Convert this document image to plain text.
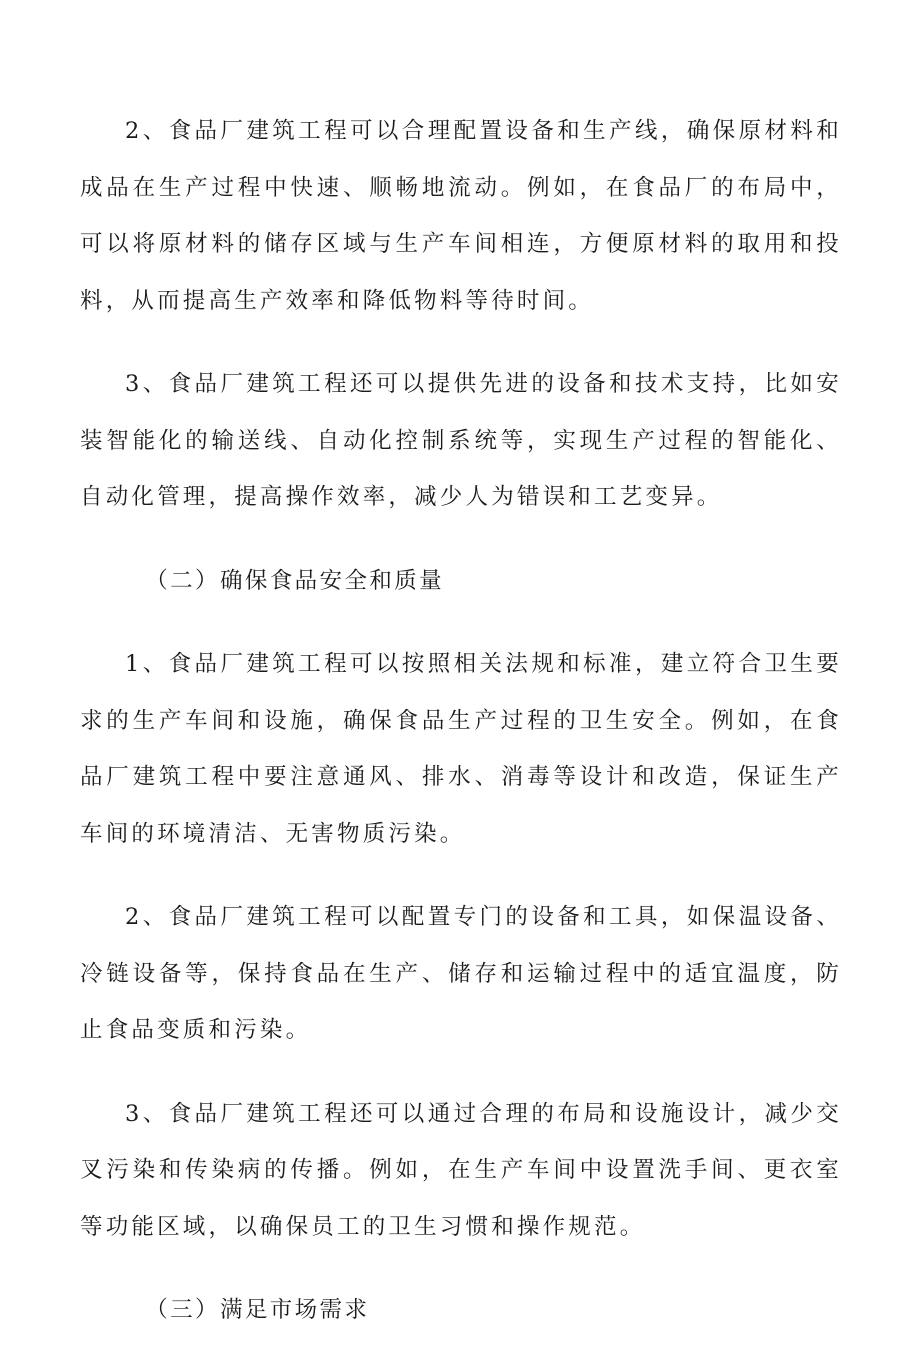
2、食品厂建筑工程可以合理配置设备和生产线，确保原材料和成品在生产过程中快速、顺畅地流动。例如，在食品厂的布局中，可以将原材料的储存区域与生产车间相连，方便原材料的取用和投料，从而提高生产效率和降低物料等待时间。

3、食品厂建筑工程还可以提供先进的设备和技术支持，比如安装智能化的输送线、自动化控制系统等，实现生产过程的智能化、自动化管理，提高操作效率，减少人为错误和工艺变异。

（二）确保食品安全和质量

1、食品厂建筑工程可以按照相关法规和标准，建立符合卫生要求的生产车间和设施，确保食品生产过程的卫生安全。例如，在食品厂建筑工程中要注意通风、排水、消毒等设计和改造，保证生产车间的环境清洁、无害物质污染。

2、食品厂建筑工程可以配置专门的设备和工具，如保温设备、冷链设备等，保持食品在生产、储存和运输过程中的适宜温度，防止食品变质和污染。

3、食品厂建筑工程还可以通过合理的布局和设施设计，减少交叉污染和传染病的传播。例如，在生产车间中设置洗手间、更衣室等功能区域，以确保员工的卫生习惯和操作规范。

（三）满足市场需求
